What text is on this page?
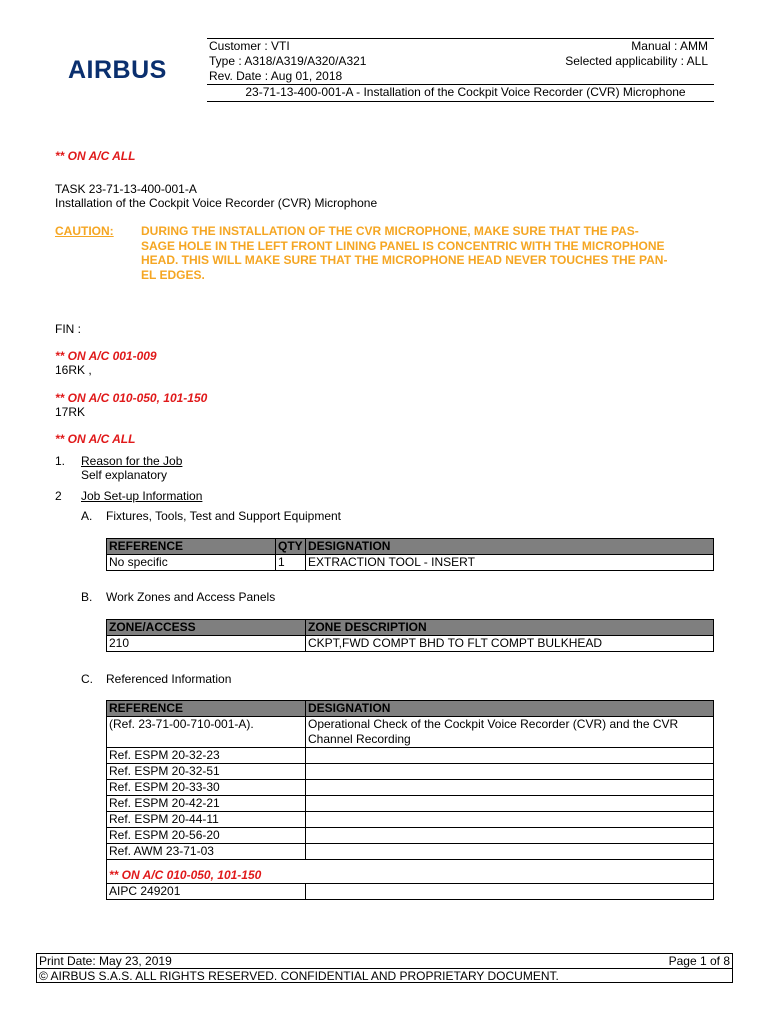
AIRBUS
Customer : VTI	Manual : AMM
Type : A318/A319/A320/A321	Selected applicability : ALL
Rev. Date : Aug 01, 2018
23-71-13-400-001-A - Installation of the Cockpit Voice Recorder (CVR) Microphone
** ON A/C ALL
TASK 23-71-13-400-001-A
Installation of the Cockpit Voice Recorder (CVR) Microphone
CAUTION: DURING THE INSTALLATION OF THE CVR MICROPHONE, MAKE SURE THAT THE PAS-
SAGE HOLE IN THE LEFT FRONT LINING PANEL IS CONCENTRIC WITH THE MICROPHONE
HEAD. THIS WILL MAKE SURE THAT THE MICROPHONE HEAD NEVER TOUCHES THE PAN-
EL EDGES.
FIN :
** ON A/C 001-009
16RK ,
** ON A/C 010-050, 101-150
17RK
** ON A/C ALL
1. Reason for the Job
Self explanatory
2 Job Set-up Information
A. Fixtures, Tools, Test and Support Equipment
REFERENCE	QTY	DESIGNATION
No specific	1	EXTRACTION TOOL - INSERT
B. Work Zones and Access Panels
ZONE/ACCESS	ZONE DESCRIPTION
210	CKPT,FWD COMPT BHD TO FLT COMPT BULKHEAD
C. Referenced Information
REFERENCE	DESIGNATION
(Ref. 23-71-00-710-001-A).	Operational Check of the Cockpit Voice Recorder (CVR) and the CVR Channel Recording
Ref. ESPM 20-32-23	
Ref. ESPM 20-32-51	
Ref. ESPM 20-33-30	
Ref. ESPM 20-42-21	
Ref. ESPM 20-44-11	
Ref. ESPM 20-56-20	
Ref. AWM 23-71-03	
** ON A/C 010-050, 101-150	
AIPC 249201	
Print Date: May 23, 2019	Page 1 of 8
© AIRBUS S.A.S. ALL RIGHTS RESERVED. CONFIDENTIAL AND PROPRIETARY DOCUMENT.
